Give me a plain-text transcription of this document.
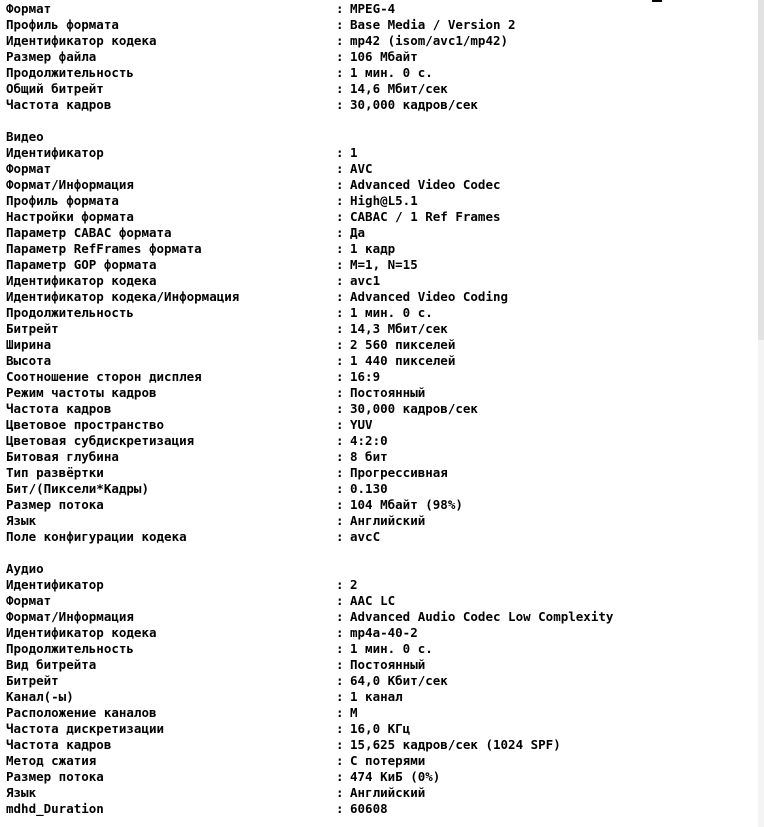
Формат	: MPEG-4
Профиль формата	: Base Media / Version 2
Идентификатор кодека	: mp42 (isom/avc1/mp42)
Размер файла	: 106 Мбайт
Продолжительность	: 1 мин. 0 с.
Общий битрейт	: 14,6 Мбит/сек
Частота кадров	: 30,000 кадров/сек
Видео
Идентификатор	: 1
Формат	: AVC
Формат/Информация	: Advanced Video Codec
Профиль формата	: High@L5.1
Настройки формата	: CABAC / 1 Ref Frames
Параметр CABAC формата	: Да
Параметр RefFrames формата	: 1 кадр
Параметр GOP формата	: M=1, N=15
Идентификатор кодека	: avc1
Идентификатор кодека/Информация	: Advanced Video Coding
Продолжительность	: 1 мин. 0 с.
Битрейт	: 14,3 Мбит/сек
Ширина	: 2 560 пикселей
Высота	: 1 440 пикселей
Соотношение сторон дисплея	: 16:9
Режим частоты кадров	: Постоянный
Частота кадров	: 30,000 кадров/сек
Цветовое пространство	: YUV
Цветовая субдискретизация	: 4:2:0
Битовая глубина	: 8 бит
Тип развёртки	: Прогрессивная
Бит/(Пиксели*Кадры)	: 0.130
Размер потока	: 104 Мбайт (98%)
Язык	: Английский
Поле конфигурации кодека	: avcC
Аудио
Идентификатор	: 2
Формат	: AAC LC
Формат/Информация	: Advanced Audio Codec Low Complexity
Идентификатор кодека	: mp4a-40-2
Продолжительность	: 1 мин. 0 с.
Вид битрейта	: Постоянный
Битрейт	: 64,0 Кбит/сек
Канал(-ы)	: 1 канал
Расположение каналов	: M
Частота дискретизации	: 16,0 КГц
Частота кадров	: 15,625 кадров/сек (1024 SPF)
Метод сжатия	: С потерями
Размер потока	: 474 КиБ (0%)
Язык	: Английский
mdhd_Duration	: 60608
